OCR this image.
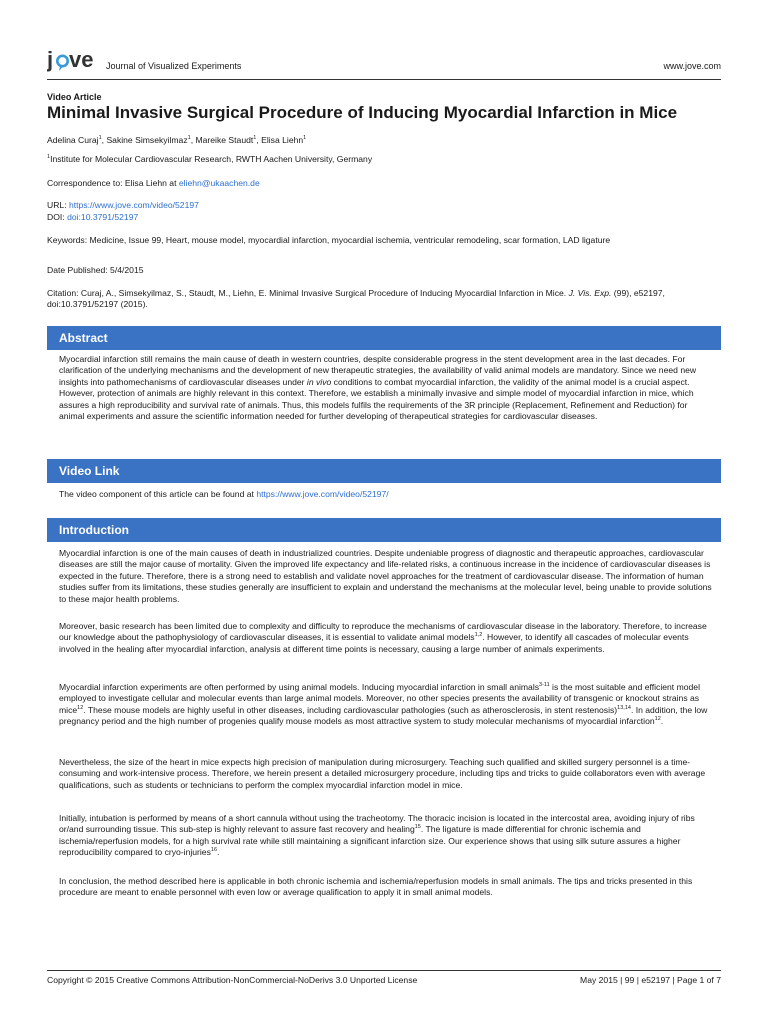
j ve Journal of Visualized Experiments	www.jove.com
Video Article
Minimal Invasive Surgical Procedure of Inducing Myocardial Infarction in Mice
Adelina Curaj$^1$, Sakine Simsekyilmaz$^1$, Mareike Staudt$^1$, Elisa Liehn$^1$
$^1$Institute for Molecular Cardiovascular Research, RWTH Aachen University, Germany
Correspondence to: Elisa Liehn at eliehn@ukaachen.de
URL: https://www.jove.com/video/52197
DOI: doi:10.3791/52197
Keywords: Medicine, Issue 99, Heart, mouse model, myocardial infarction, myocardial ischemia, ventricular remodeling, scar formation, LAD ligature
Date Published: 5/4/2015
Citation: Curaj, A., Simsekyilmaz, S., Staudt, M., Liehn, E. Minimal Invasive Surgical Procedure of Inducing Myocardial Infarction in Mice. J. Vis. Exp. (99), e52197, doi:10.3791/52197 (2015).
Abstract

Myocardial infarction still remains the main cause of death in western countries, despite considerable progress in the stent development area in the last decades. For clarification of the underlying mechanisms and the development of new therapeutic strategies, the availability of valid animal models are mandatory. Since we need new insights into pathomechanisms of cardiovascular diseases under in vivo conditions to combat myocardial infarction, the validity of the animal model is a crucial aspect. However, protection of animals are highly relevant in this context. Therefore, we establish a minimally invasive and simple model of myocardial infarction in mice, which assures a high reproducibility and survival rate of animals. Thus, this models fulfils the requirements of the 3R principle (Replacement, Refinement and Reduction) for animal experiments and assure the scientific information needed for further developing of therapeutical strategies for cardiovascular diseases.

Video Link
The video component of this article can be found at https://www.jove.com/video/52197/
Introduction

Myocardial infarction is one of the main causes of death in industrialized countries. Despite undeniable progress of diagnostic and therapeutic approaches, cardiovascular diseases are still the major cause of mortality. Given the improved life expectancy and life-related risks, a continuous increase in the incidence of cardiovascular diseases is expected in the future. Therefore, there is a strong need to establish and validate novel approaches for the treatment of cardiovascular disease. The information of human studies suffer from its limitations, these studies generally are insufficient to explain and understand the mechanisms at the molecular level, being unable to provide solutions to these major health problems.

Moreover, basic research has been limited due to complexity and difficulty to reproduce the mechanisms of cardiovascular disease in the laboratory. Therefore, to increase our knowledge about the pathophysiology of cardiovascular diseases, it is essential to validate animal models$^{1,2}$. However, to identify all cascades of molecular events involved in the healing after myocardial infarction, analysis at different time points is necessary, causing a large number of animals experiments.

Myocardial infarction experiments are often performed by using animal models. Inducing myocardial infarction in small animals$^{3-11}$ is the most suitable and efficient model employed to investigate cellular and molecular events than large animal models. Moreover, no other species presents the availability of transgenic or knockout strains as mice$^{12}$. These mouse models are highly useful in other diseases, including cardiovascular pathologies (such as atherosclerosis, in stent restenosis)$^{13,14}$. In addition, the low pregnancy period and the high number of progenies qualify mouse models as most attractive system to study molecular mechanisms of myocardial infarction$^{12}$.

Nevertheless, the size of the heart in mice expects high precision of manipulation during microsurgery. Teaching such qualified and skilled surgery personnel is a time-consuming and work-intensive process. Therefore, we herein present a detailed microsurgery procedure, including tips and tricks to guide collaborators even with average qualifications, such as students or technicians to perform the complex myocardial infarction model in mice.

Initially, intubation is performed by means of a short cannula without using the tracheotomy. The thoracic incision is located in the intercostal area, avoiding injury of ribs or/and surrounding tissue. This sub-step is highly relevant to assure fast recovery and healing$^{15}$. The ligature is made differential for chronic ischemia and ischemia/reperfusion models, for a high survival rate while still maintaining a significant infarction size. Our experience shows that using silk suture assures a higher reproducibility compared to cryo-injuries$^{16}$.

In conclusion, the method described here is applicable in both chronic ischemia and ischemia/reperfusion models in small animals. The tips and tricks presented in this procedure are meant to enable personnel with even low or average qualification to apply it in small animal models.

Copyright © 2015 Creative Commons Attribution-NonCommercial-NoDerivs 3.0 Unported License	May 2015 | 99 | e52197 | Page 1 of 7
